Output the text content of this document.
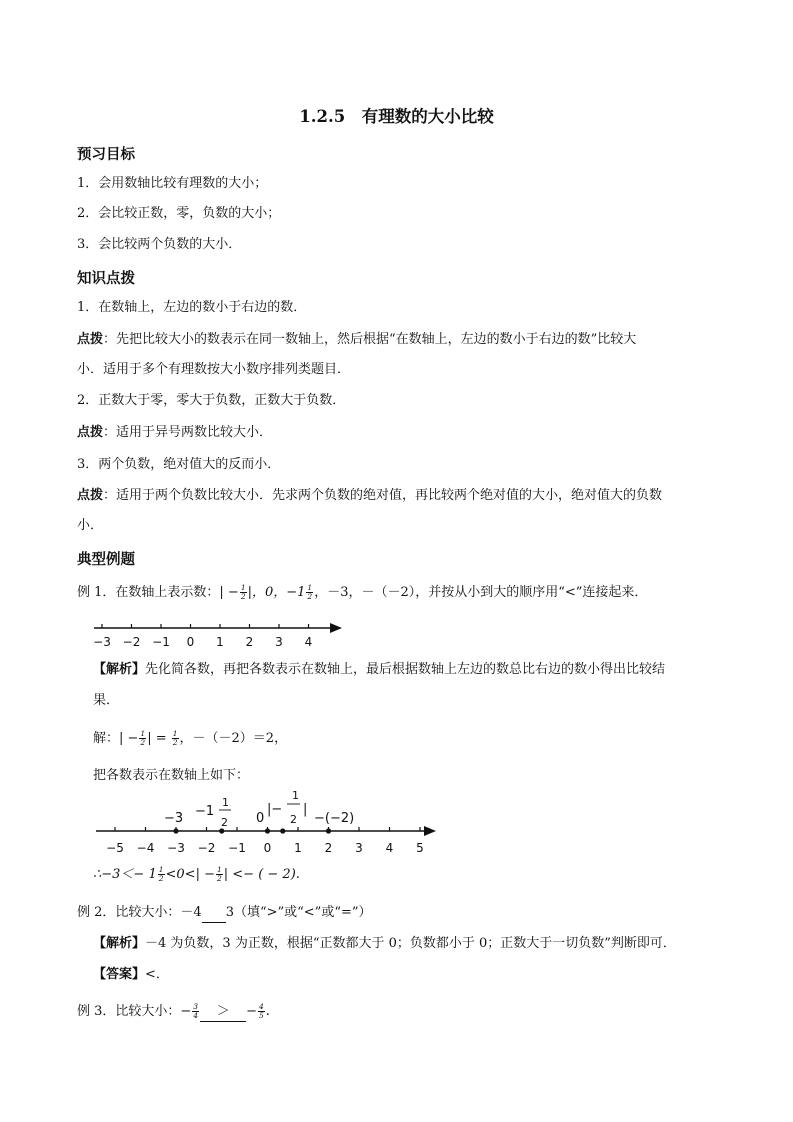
1.2.5　有理数的大小比较
预习目标
1．会用数轴比较有理数的大小；
2．会比较正数，零，负数的大小；
3．会比较两个负数的大小．
知识点拨
1．在数轴上，左边的数小于右边的数．
点拨：先把比较大小的数表示在同一数轴上，然后根据“在数轴上，左边的数小于右边的数”比较大
小．适用于多个有理数按大小数序排列类题目．
2．正数大于零，零大于负数，正数大于负数．
点拨：适用于异号两数比较大小．
3．两个负数，绝对值大的反而小．
点拨：适用于两个负数比较大小．先求两个负数的绝对值，再比较两个绝对值的大小，绝对值大的负数
小．
典型例题
例 1．在数轴上表示数：| − $\frac{1}{2}$ |，0，$-1 \frac{1}{2}$ ，－3，－（－2），并按从小到大的顺序用“<”连接起来．
−3 −2 −1 0 1 2 3 4
【解析】先化简各数，再把各数表示在数轴上，最后根据数轴上左边的数总比右边的数小得出比较结
果．
解：| − $\frac{1}{2}$ | = $\frac{1}{2}$ ，－（－2）＝2，
把各数表示在数轴上如下：
−5 −4 −3 −2 −1 0 1 2 3 4 5
−3 −1
1
2 0
|−
1
2
|
−(−2)
∴−3＜− $1 \frac{1}{2} <0<| - \frac{1}{2}$ | <− ( − 2).
例 2．比较大小：－4 3（填“>”或“<”或“=”）
【解析】－4 为负数，3 为正数，根据“正数都大于 0；负数都小于 0；正数大于一切负数”判断即可．
【答案】<．
例 3．比较大小：− $\frac{3}{4}$ ＞ − $\frac{4}{5}$ .
